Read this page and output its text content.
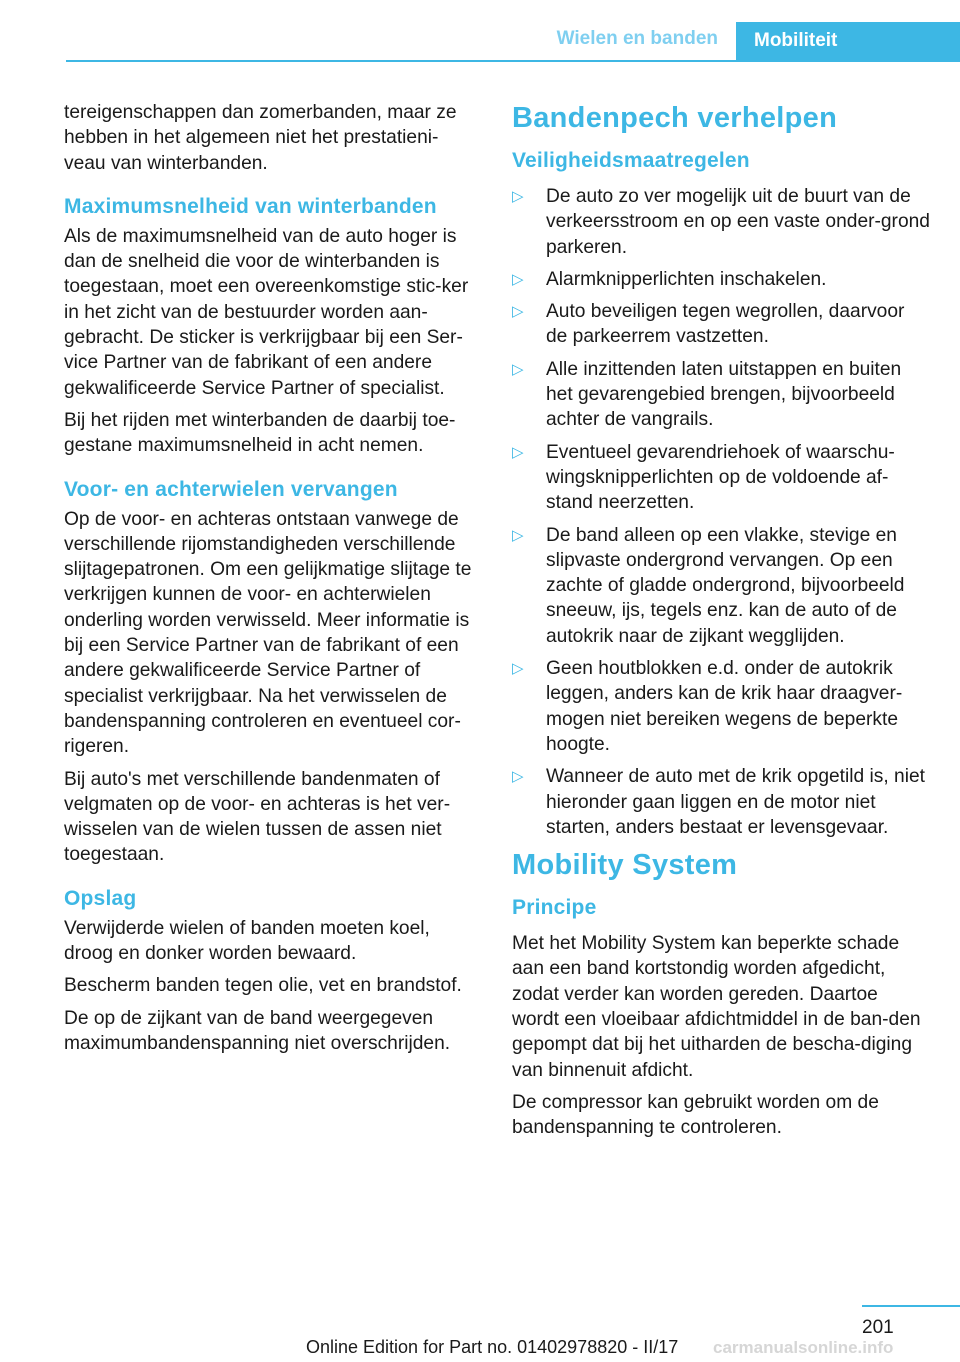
Wielen en banden	Mobiliteit

tereigenschappen dan zomerbanden, maar ze hebben in het algemeen niet het prestatieni-veau van winterbanden.

Maximumsnelheid van winterbanden

Als de maximumsnelheid van de auto hoger is dan de snelheid die voor de winterbanden is toegestaan, moet een overeenkomstige stic-ker in het zicht van de bestuurder worden aan-gebracht. De sticker is verkrijgbaar bij een Ser-vice Partner van de fabrikant of een andere gekwalificeerde Service Partner of specialist.

Bij het rijden met winterbanden de daarbij toe-gestane maximumsnelheid in acht nemen.

Voor- en achterwielen vervangen

Op de voor- en achteras ontstaan vanwege de verschillende rijomstandigheden verschillende slijtagepatronen. Om een gelijkmatige slijtage te verkrijgen kunnen de voor- en achterwielen onderling worden verwisseld. Meer informatie is bij een Service Partner van de fabrikant of een andere gekwalificeerde Service Partner of specialist verkrijgbaar. Na het verwisselen de bandenspanning controleren en eventueel cor-rigeren.

Bij auto's met verschillende bandenmaten of velgmaten op de voor- en achteras is het ver-wisselen van de wielen tussen de assen niet toegestaan.

Opslag

Verwijderde wielen of banden moeten koel, droog en donker worden bewaard.

Bescherm banden tegen olie, vet en brandstof.

De op de zijkant van de band weergegeven maximumbandenspanning niet overschrijden.

Bandenpech verhelpen
Veiligheidsmaatregelen
▷ De auto zo ver mogelijk uit de buurt van de verkeersstroom en op een vaste onder-grond parkeren.
▷ Alarmknipperlichten inschakelen.
▷ Auto beveiligen tegen wegrollen, daarvoor de parkeerrem vastzetten.
▷ Alle inzittenden laten uitstappen en buiten het gevarengebied brengen, bijvoorbeeld achter de vangrails.
▷ Eventueel gevarendriehoek of waarschu-wingsknipperlichten op de voldoende af-stand neerzetten.
▷ De band alleen op een vlakke, stevige en slipvaste ondergrond vervangen. Op een zachte of gladde ondergrond, bijvoorbeeld sneeuw, ijs, tegels enz. kan de auto of de autokrik naar de zijkant wegglijden.
▷ Geen houtblokken e.d. onder de autokrik leggen, anders kan de krik haar draagver-mogen niet bereiken wegens de beperkte hoogte.
▷ Wanneer de auto met de krik opgetild is, niet hieronder gaan liggen en de motor niet starten, anders bestaat er levensgevaar.
Mobility System
Principe

Met het Mobility System kan beperkte schade aan een band kortstondig worden afgedicht, zodat verder kan worden gereden. Daartoe wordt een vloeibaar afdichtmiddel in de ban-den gepompt dat bij het uitharden de bescha-diging van binnenuit afdicht.

De compressor kan gebruikt worden om de bandenspanning te controleren.

201
Online Edition for Part no. 01402978820 - II/17 carmanualsonline.info
